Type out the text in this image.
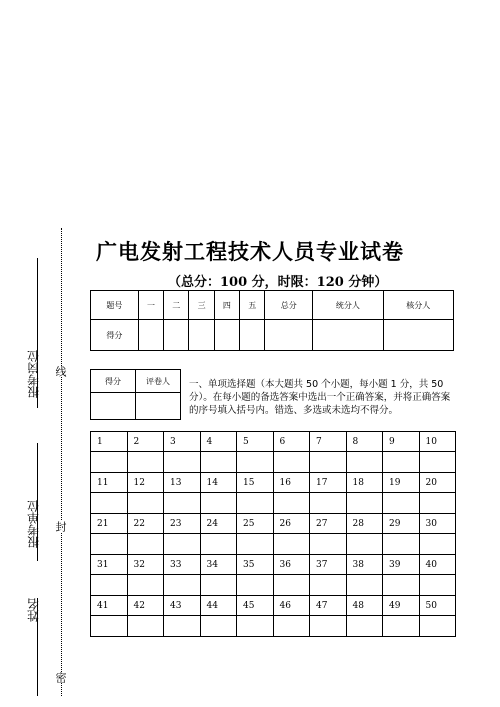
线
封
密
报考岗位
报考单位
姓名
广电发射工程技术人员专业试卷
（总分：100 分，时限：120 分钟）
题号	一	二	三	四	五	总分	统分人	核分人
得分								
得分	评卷人
	一、单项选择题（本大题共 50 个小题，每小题 1 分，共 50 分）。在每小题的备选答案中选出一个正确答案，并将正确答案的序号填入括号内。错选、多选或未选均不得分。
1	2	3	4	5	6	7	8	9	10

11	12	13	14	15	16	17	18	19	20

21	22	23	24	25	26	27	28	29	30

31	32	33	34	35	36	37	38	39	40

41	42	43	44	45	46	47	48	49	50
